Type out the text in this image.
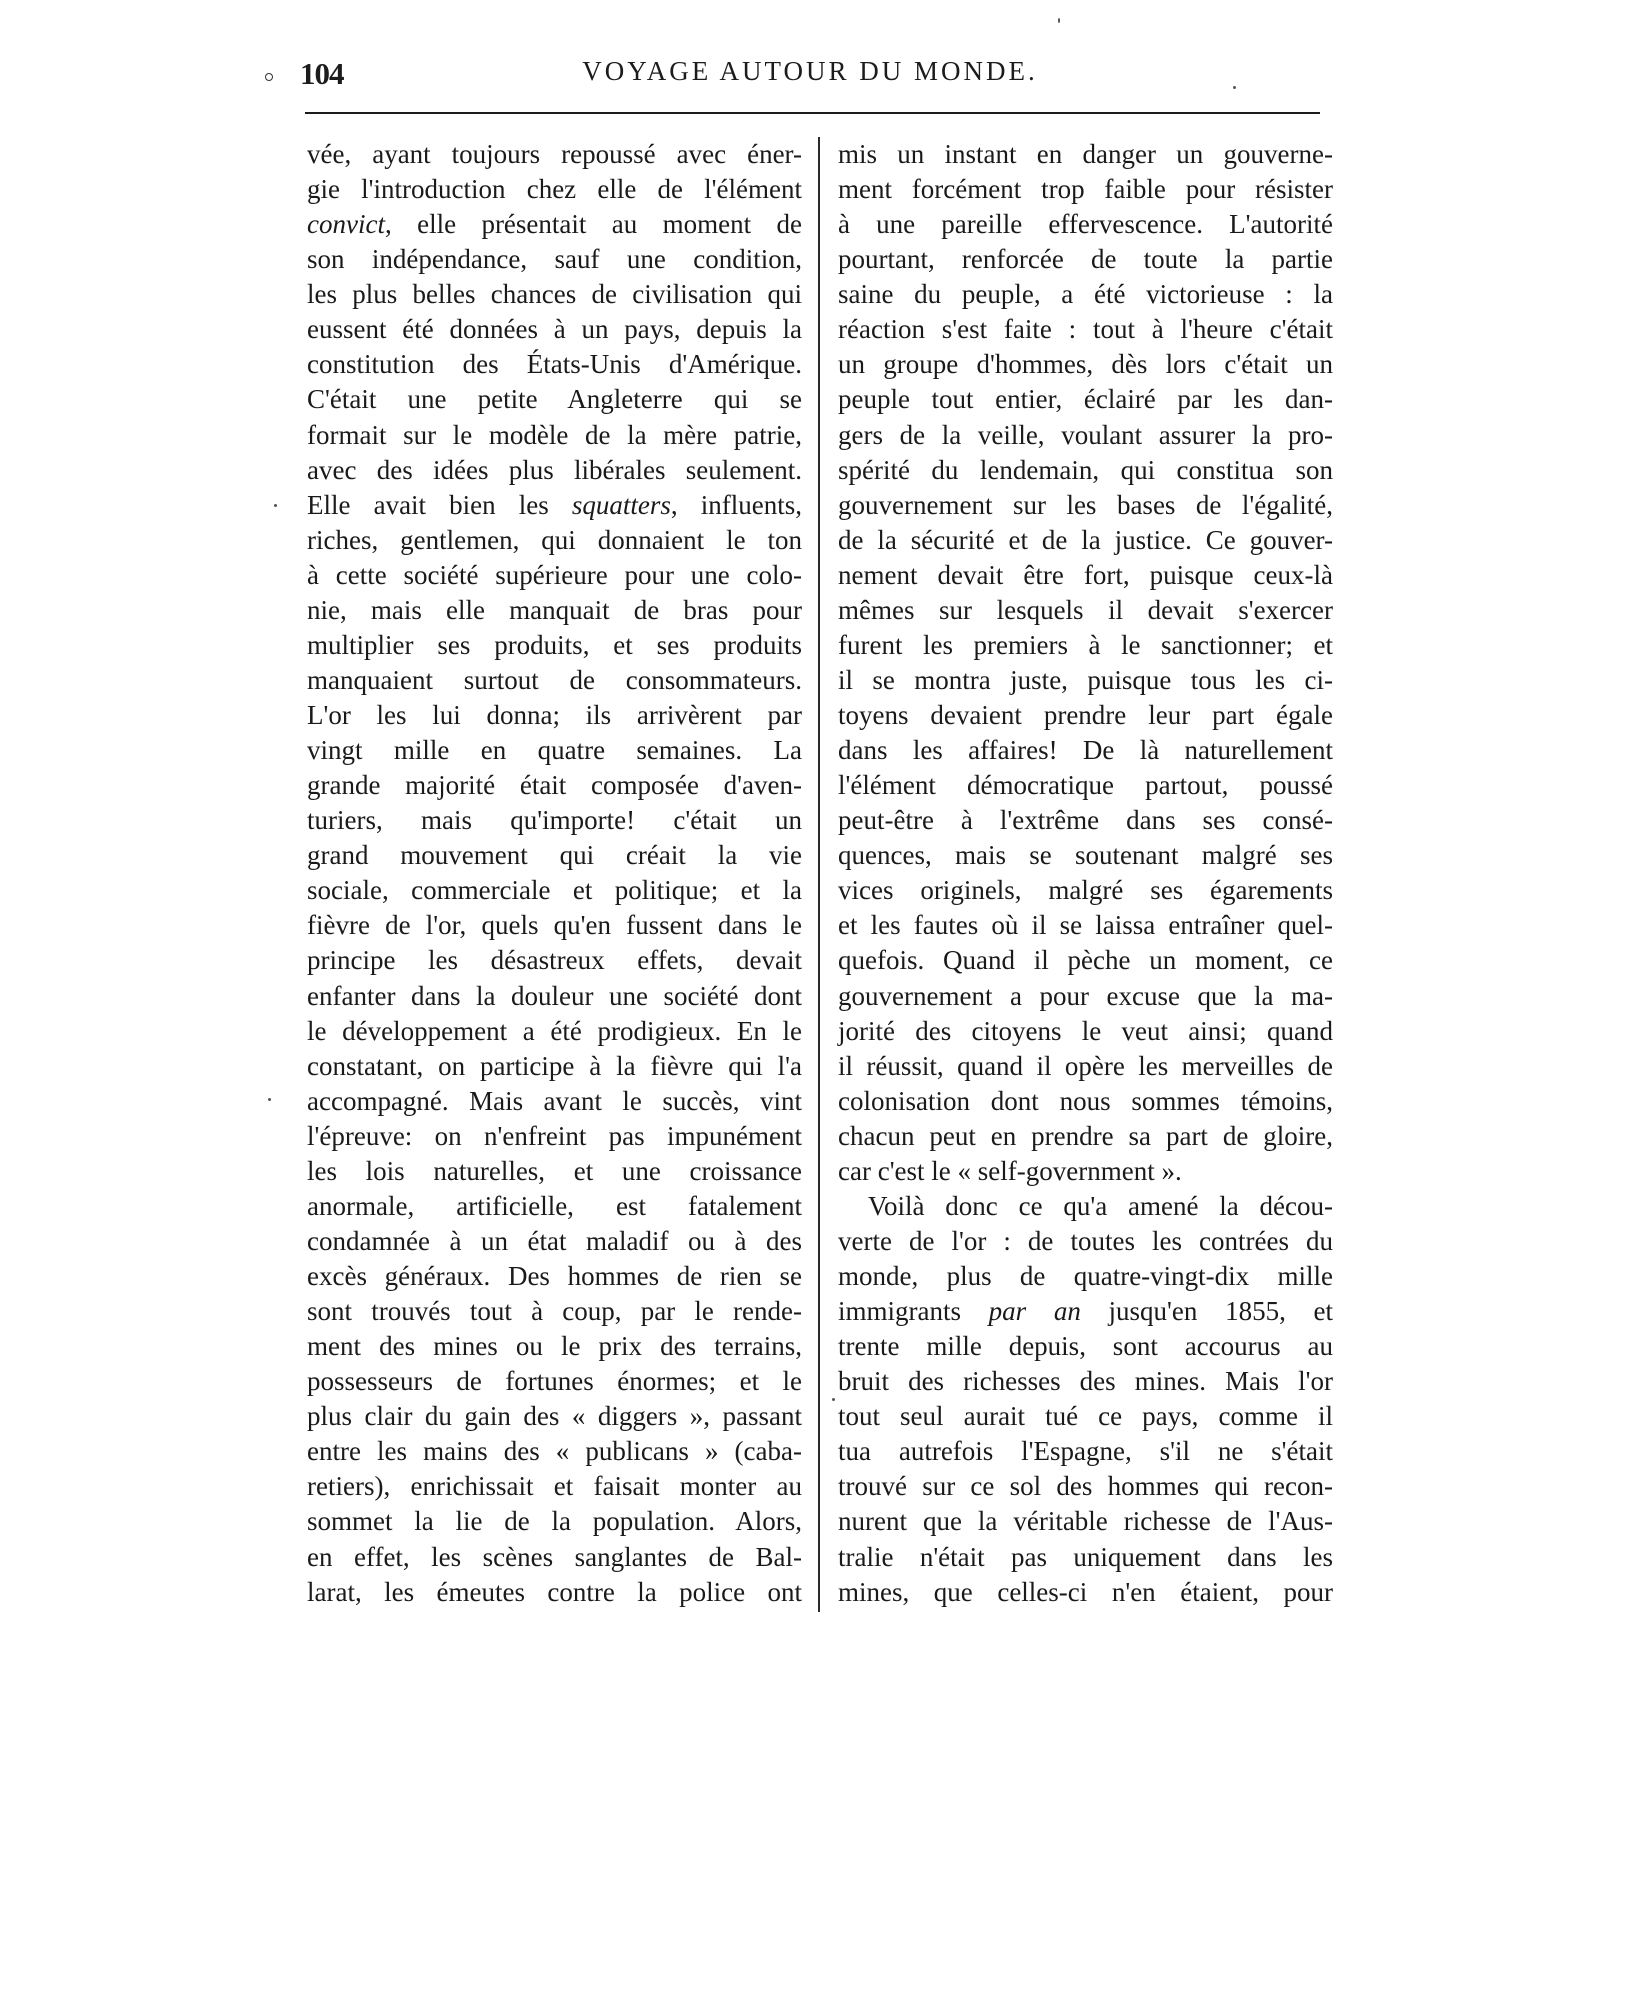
104	VOYAGE AUTOUR DU MONDE.
vée, ayant toujours repoussé avec éner-
gie l'introduction chez elle de l'élément
convict, elle présentait au moment de
son indépendance, sauf une condition,
les plus belles chances de civilisation qui
eussent été données à un pays, depuis la
constitution des États-Unis d'Amérique.
C'était une petite Angleterre qui se
formait sur le modèle de la mère patrie,
avec des idées plus libérales seulement.
Elle avait bien les squatters, influents,
riches, gentlemen, qui donnaient le ton
à cette société supérieure pour une colo-
nie, mais elle manquait de bras pour
multiplier ses produits, et ses produits
manquaient surtout de consommateurs.
L'or les lui donna; ils arrivèrent par
vingt mille en quatre semaines. La
grande majorité était composée d'aven-
turiers, mais qu'importe! c'était un
grand mouvement qui créait la vie
sociale, commerciale et politique; et la
fièvre de l'or, quels qu'en fussent dans le
principe les désastreux effets, devait
enfanter dans la douleur une société dont
le développement a été prodigieux. En le
constatant, on participe à la fièvre qui l'a
accompagné. Mais avant le succès, vint
l'épreuve: on n'enfreint pas impunément
les lois naturelles, et une croissance
anormale, artificielle, est fatalement
condamnée à un état maladif ou à des
excès généraux. Des hommes de rien se
sont trouvés tout à coup, par le rende-
ment des mines ou le prix des terrains,
possesseurs de fortunes énormes; et le
plus clair du gain des « diggers », passant
entre les mains des « publicans » (caba-
retiers), enrichissait et faisait monter au
sommet la lie de la population. Alors,
en effet, les scènes sanglantes de Bal-
larat, les émeutes contre la police ont
mis un instant en danger un gouverne-
ment forcément trop faible pour résister
à une pareille effervescence. L'autorité
pourtant, renforcée de toute la partie
saine du peuple, a été victorieuse : la
réaction s'est faite : tout à l'heure c'était
un groupe d'hommes, dès lors c'était un
peuple tout entier, éclairé par les dan-
gers de la veille, voulant assurer la pro-
spérité du lendemain, qui constitua son
gouvernement sur les bases de l'égalité,
de la sécurité et de la justice. Ce gouver-
nement devait être fort, puisque ceux-là
mêmes sur lesquels il devait s'exercer
furent les premiers à le sanctionner; et
il se montra juste, puisque tous les ci-
toyens devaient prendre leur part égale
dans les affaires! De là naturellement
l'élément démocratique partout, poussé
peut-être à l'extrême dans ses consé-
quences, mais se soutenant malgré ses
vices originels, malgré ses égarements
et les fautes où il se laissa entraîner quel-
quefois. Quand il pèche un moment, ce
gouvernement a pour excuse que la ma-
jorité des citoyens le veut ainsi; quand
il réussit, quand il opère les merveilles de
colonisation dont nous sommes témoins,
chacun peut en prendre sa part de gloire,
car c'est le « self-government ».
Voilà donc ce qu'a amené la décou-
verte de l'or : de toutes les contrées du
monde, plus de quatre-vingt-dix mille
immigrants par an jusqu'en 1855, et
trente mille depuis, sont accourus au
bruit des richesses des mines. Mais l'or
tout seul aurait tué ce pays, comme il
tua autrefois l'Espagne, s'il ne s'était
trouvé sur ce sol des hommes qui recon-
nurent que la véritable richesse de l'Aus-
tralie n'était pas uniquement dans les
mines, que celles-ci n'en étaient, pour
